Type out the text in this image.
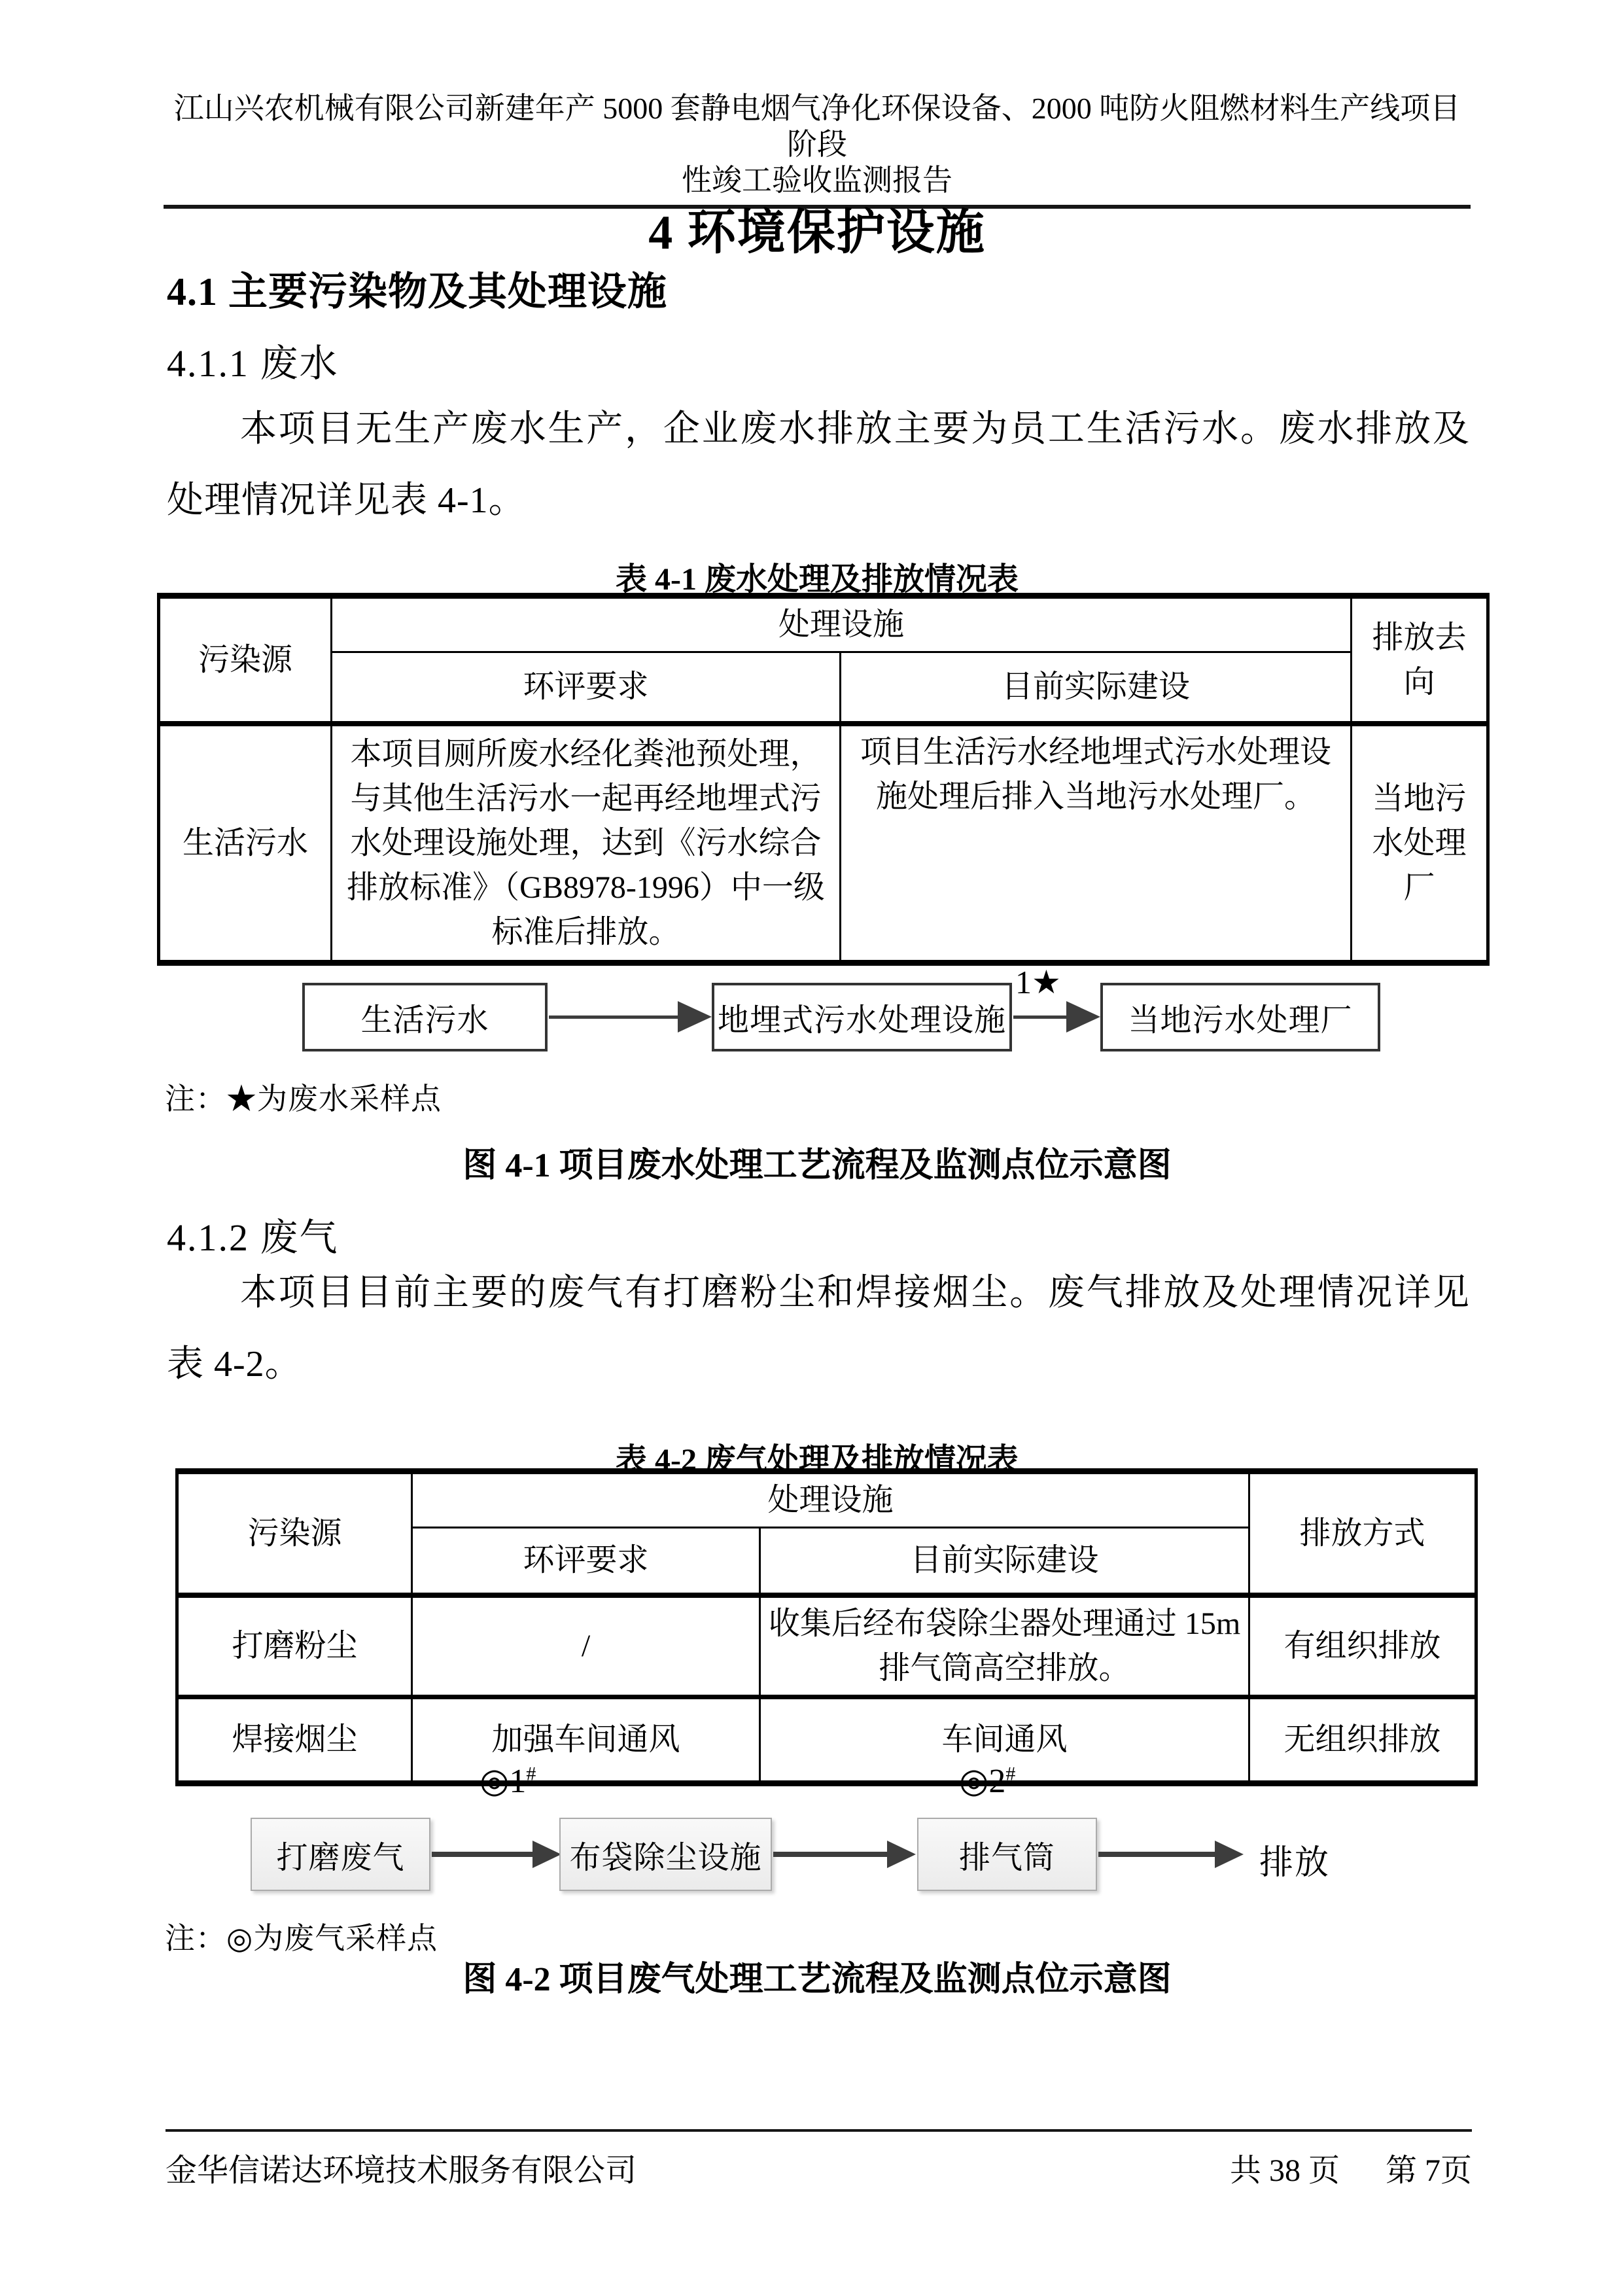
江山兴农机械有限公司新建年产 5000 套静电烟气净化环保设备、2000 吨防火阻燃材料生产线项目阶段
性竣工验收监测报告
4 环境保护设施
4.1 主要污染物及其处理设施
4.1.1 废水
本项目无生产废水生产，企业废水排放主要为员工生活污水。废水排放及处理情况详见表 4-1。
表 4-1 废水处理及排放情况表
污染源	处理设施		排放去向
	环评要求	目前实际建设	
生活污水	本项目厕所废水经化粪池预处理，与其他生活污水一起再经地埋式污水处理设施处理，达到《污水综合排放标准》（GB8978-1996）中一级标准后排放。	项目生活污水经地埋式污水处理设施处理后排入当地污水处理厂。	当地污水处理厂
1★
生活污水	地埋式污水处理设施	当地污水处理厂
注：★为废水采样点
图 4-1 项目废水处理工艺流程及监测点位示意图
4.1.2 废气
本项目目前主要的废气有打磨粉尘和焊接烟尘。废气排放及处理情况详见表 4-2。
表 4-2 废气处理及排放情况表
污染源	处理设施		排放方式
	环评要求	目前实际建设	
打磨粉尘	/	收集后经布袋除尘器处理通过 15m 排气筒高空排放。	有组织排放
焊接烟尘	加强车间通风	车间通风	无组织排放
◎1#	◎2#
打磨废气	布袋除尘设施	排气筒	排放
注：◎为废气采样点
图 4-2 项目废气处理工艺流程及监测点位示意图
金华信诺达环境技术服务有限公司	共 38 页 第 7页
